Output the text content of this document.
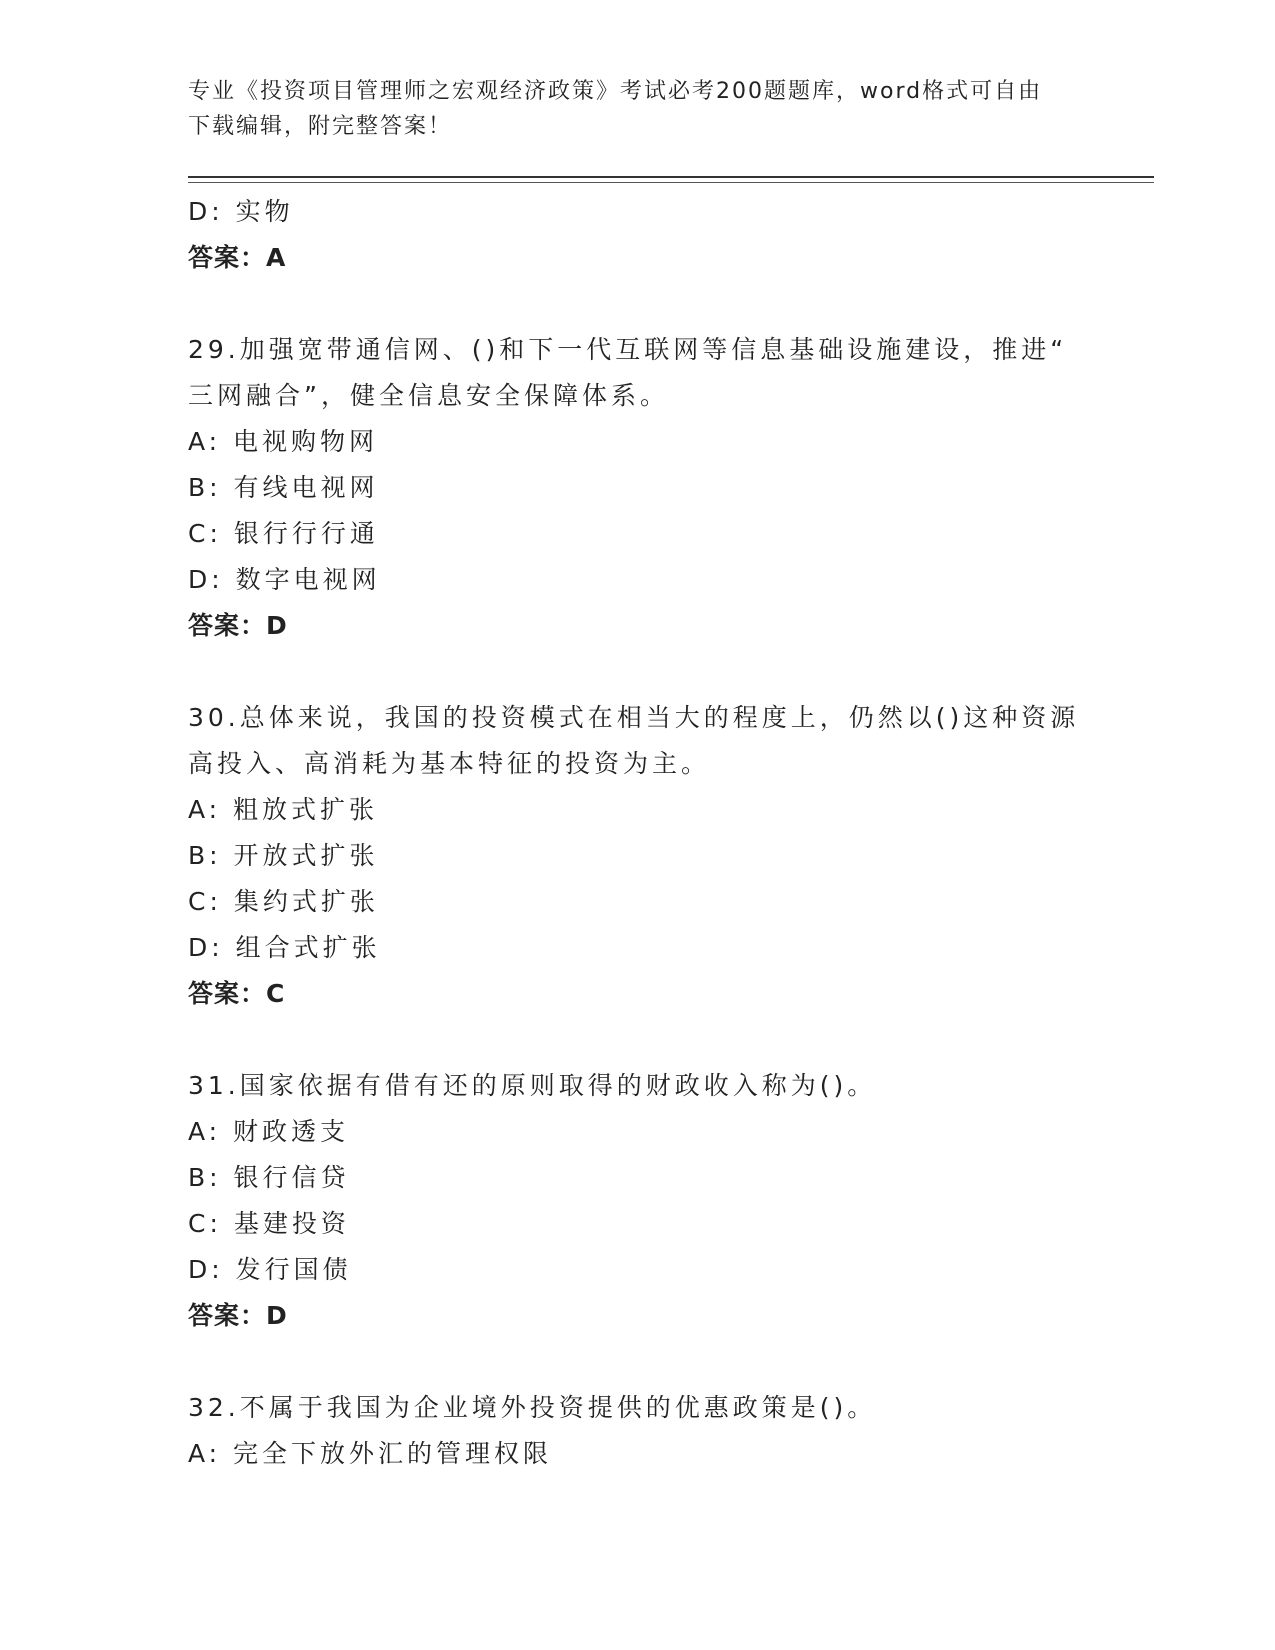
专业《投资项目管理师之宏观经济政策》考试必考200题题库，word格式可自由
下载编辑，附完整答案！
D: 实物
答案：A
29.加强宽带通信网、()和下一代互联网等信息基础设施建设，推进“
三网融合”，健全信息安全保障体系。
A: 电视购物网
B: 有线电视网
C: 银行行行通
D: 数字电视网
答案：D
30.总体来说，我国的投资模式在相当大的程度上，仍然以()这种资源
高投入、高消耗为基本特征的投资为主。
A: 粗放式扩张
B: 开放式扩张
C: 集约式扩张
D: 组合式扩张
答案：C
31.国家依据有借有还的原则取得的财政收入称为()。
A: 财政透支
B: 银行信贷
C: 基建投资
D: 发行国债
答案：D
32.不属于我国为企业境外投资提供的优惠政策是()。
A: 完全下放外汇的管理权限
